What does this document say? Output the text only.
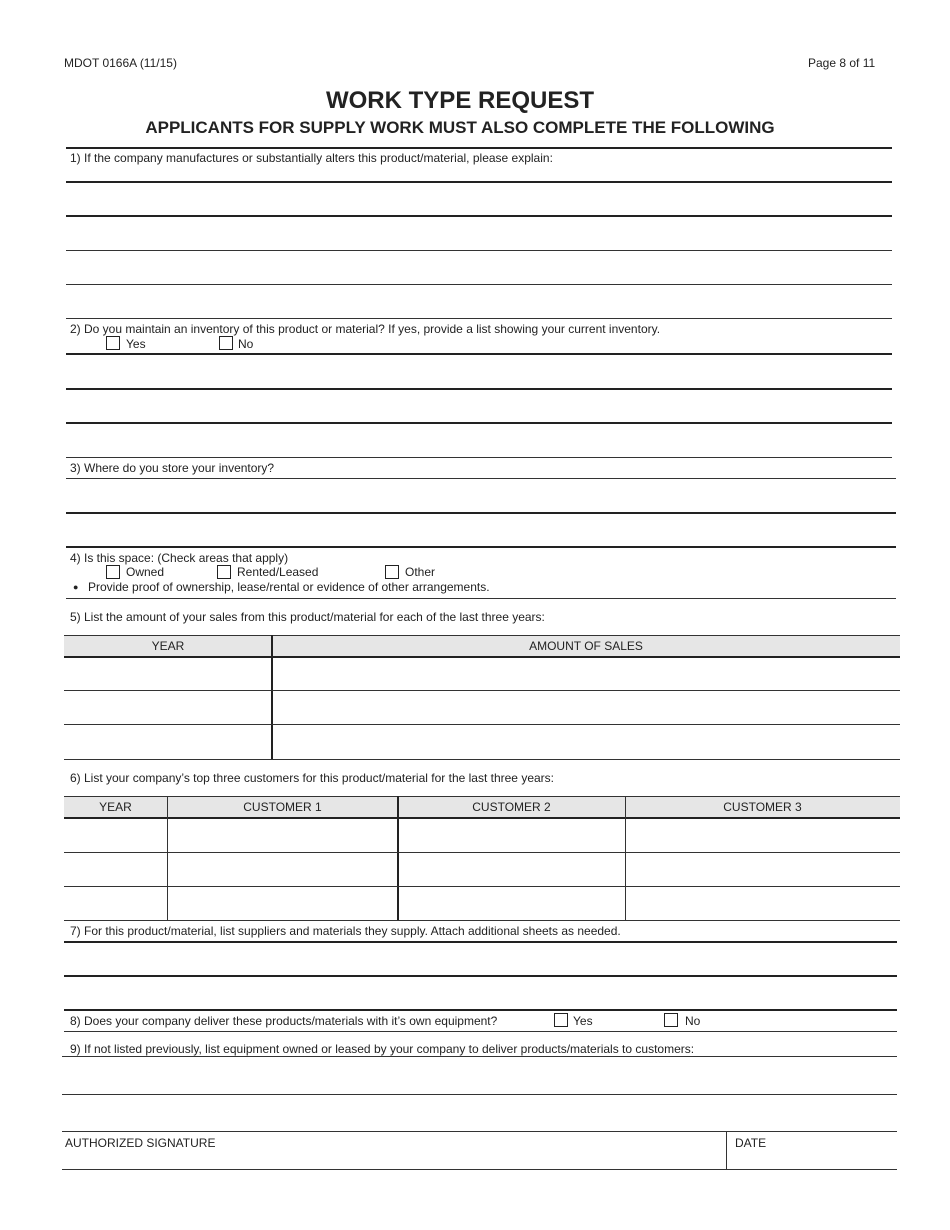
MDOT 0166A (11/15)	Page 8 of 11
WORK TYPE REQUEST
APPLICANTS FOR SUPPLY WORK MUST ALSO COMPLETE THE FOLLOWING
1) If the company manufactures or substantially alters this product/material, please explain:
2) Do you maintain an inventory of this product or material? If yes, provide a list showing your current inventory.
Yes	No
3) Where do you store your inventory?
4) Is this space: (Check areas that apply)
Owned	Rented/Leased	Other
● Provide proof of ownership, lease/rental or evidence of other arrangements.
5) List the amount of your sales from this product/material for each of the last three years:
YEAR	AMOUNT OF SALES
6) List your company’s top three customers for this product/material for the last three years:
YEAR	CUSTOMER 1	CUSTOMER 2	CUSTOMER 3
7) For this product/material, list suppliers and materials they supply. Attach additional sheets as needed.
8) Does your company deliver these products/materials with it’s own equipment?	Yes	No
9) If not listed previously, list equipment owned or leased by your company to deliver products/materials to customers:
AUTHORIZED SIGNATURE	DATE
